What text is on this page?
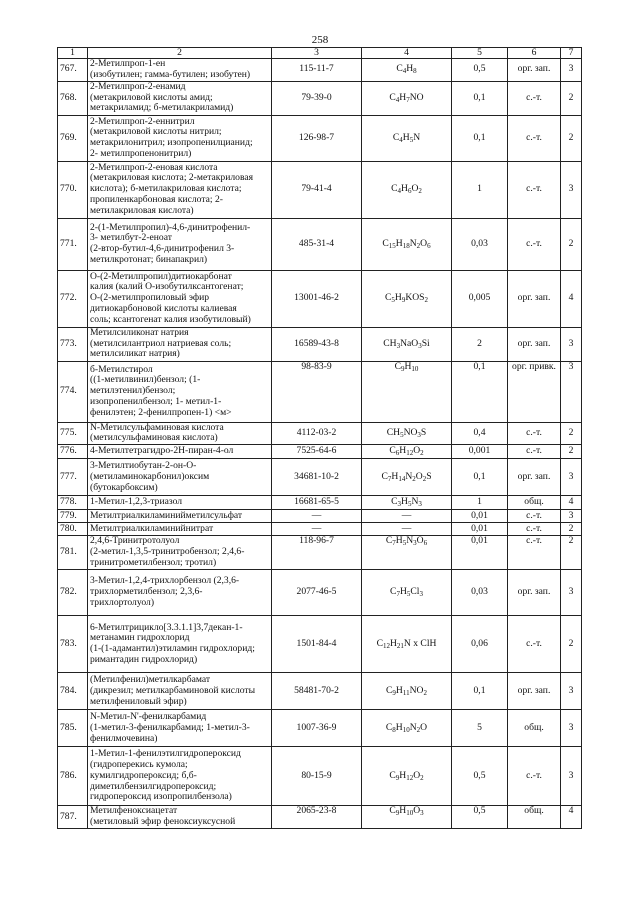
258
1	2	3	4	5	6	7
767.	2-Метилпроп-1-ен
(изобутилен; гамма-бутилен; изобутен)	115-11-7	$C_4H_8$	0,5	орг. зап.	3
768.	2-Метилпроп-2-енамид
(метакриловой кислоты амид;
метакриламид; б-метилакриламид)	79-39-0	$C_4H_7NO$	0,1	с.-т.	2
769.	2-Метилпроп-2-еннитрил
(метакриловой кислоты нитрил;
метакрилонитрил; изопропенилцианид;
2- метилпропенонитрил)	126-98-7	$C_4H_5N$	0,1	с.-т.	2
770.	2-Метилпроп-2-еновая кислота
(метакриловая кислота; 2-метакриловая
кислота); б-метилакриловая кислота;
пропиленкарбоновая кислота; 2-
метилакриловая кислота)	79-41-4	$C_4H_6O_2$	1	с.-т.	3
771.	2-(1-Метилпропил)-4,6-динитрофенил-
3- метилбут-2-еноат
(2-втор-бутил-4,6-динитрофенил 3-
метилкротонат; бинапакрил)	485-31-4	$C_{15}H_{18}N_2O_6$	0,03	с.-т.	2
772.	О-(2-Метилпропил)дитиокарбонат
калия (калий О-изобутилксантогенат;
О-(2-метилпропиловый эфир
дитиокарбоновой кислоты калиевая
соль; ксантогенат калия изобутиловый)	13001-46-2	$C_5H_9KOS_2$	0,005	орг. зап.	4
773.	Метилсиликонат натрия
(метилсилантриол натриевая соль;
метилсиликат натрия)	16589-43-8	$CH_3NaO_3Si$	2	орг. зап.	3
774.	б-Метилстирол
((1-метилвинил)бензол; (1-
метилэтенил)бензол;
изопропенилбензол; 1- метил-1-
фенилэтен; 2-фенилпропен-1) <м>	98-83-9	$C_9H_{10}$	0,1	орг. привк.	3
775.	N-Метилсульфаминовая кислота
(метилсульфаминовая кислота)	4112-03-2	$CH_5NO_3S$	0,4	с.-т.	2
776.	4-Метилтетрагидро-2Н-пиран-4-ол	7525-64-6	$C_6H_{12}O_2$	0,001	с.-т.	2
777.	3-Метилтиобутан-2-он-О-
(метиламинокарбонил)оксим
(бутокарбоксим)	34681-10-2	$C_7H_{14}N_2O_2S$	0,1	орг. зап.	3
778.	1-Метил-1,2,3-триазол	16681-65-5	$C_3H_5N_3$	1	общ.	4
779.	Метилтриалкиламинийметилсульфат	—	—	0,01	с.-т.	3
780.	Метилтриалкиламинийнитрат	—	—	0,01	с.-т.	2
781.	2,4,6-Тринитротолуол
(2-метил-1,3,5-тринитробензол; 2,4,6-
тринитрометилбензол; тротил)	118-96-7	$C_7H_5N_3O_6$	0,01	с.-т.	2
782.	3-Метил-1,2,4-трихлорбензол (2,3,6-
трихлорметилбензол; 2,3,6-
трихлортолуол)	2077-46-5	$C_7H_5Cl_3$	0,03	орг. зап.	3
783.	6-Метилтрицикло[3.3.1.1]3,7декан-1-
метанамин гидрохлорид
(1-(1-адамантил)этиламин гидрохлорид;
римантадин гидрохлорид)	1501-84-4	$C_{12}H_{21}N$ x ClH	0,06	с.-т.	2
784.	(Метилфенил)метилкарбамат
(дикрезил; метилкарбаминовой кислоты
метилфениловый эфир)	58481-70-2	$C_9H_{11}NO_2$	0,1	орг. зап.	3
785.	N-Метил-N'-фенилкарбамид
(1-метил-3-фенилкарбамид; 1-метил-3-
фенилмочевина)	1007-36-9	$C_8H_{10}N_2O$	5	общ.	3
786.	1-Метил-1-фенилэтилгидропероксид
(гидроперекись кумола;
кумилгидропероксид; б,б-
диметилбензилгидропероксид;
гидропероксид изопропилбензола)	80-15-9	$C_9H_{12}O_2$	0,5	с.-т.	3
787.	Метилфеноксиацетат
(метиловый эфир феноксиуксусной	2065-23-8	$C_9H_{10}O_3$	0,5	общ.	4
